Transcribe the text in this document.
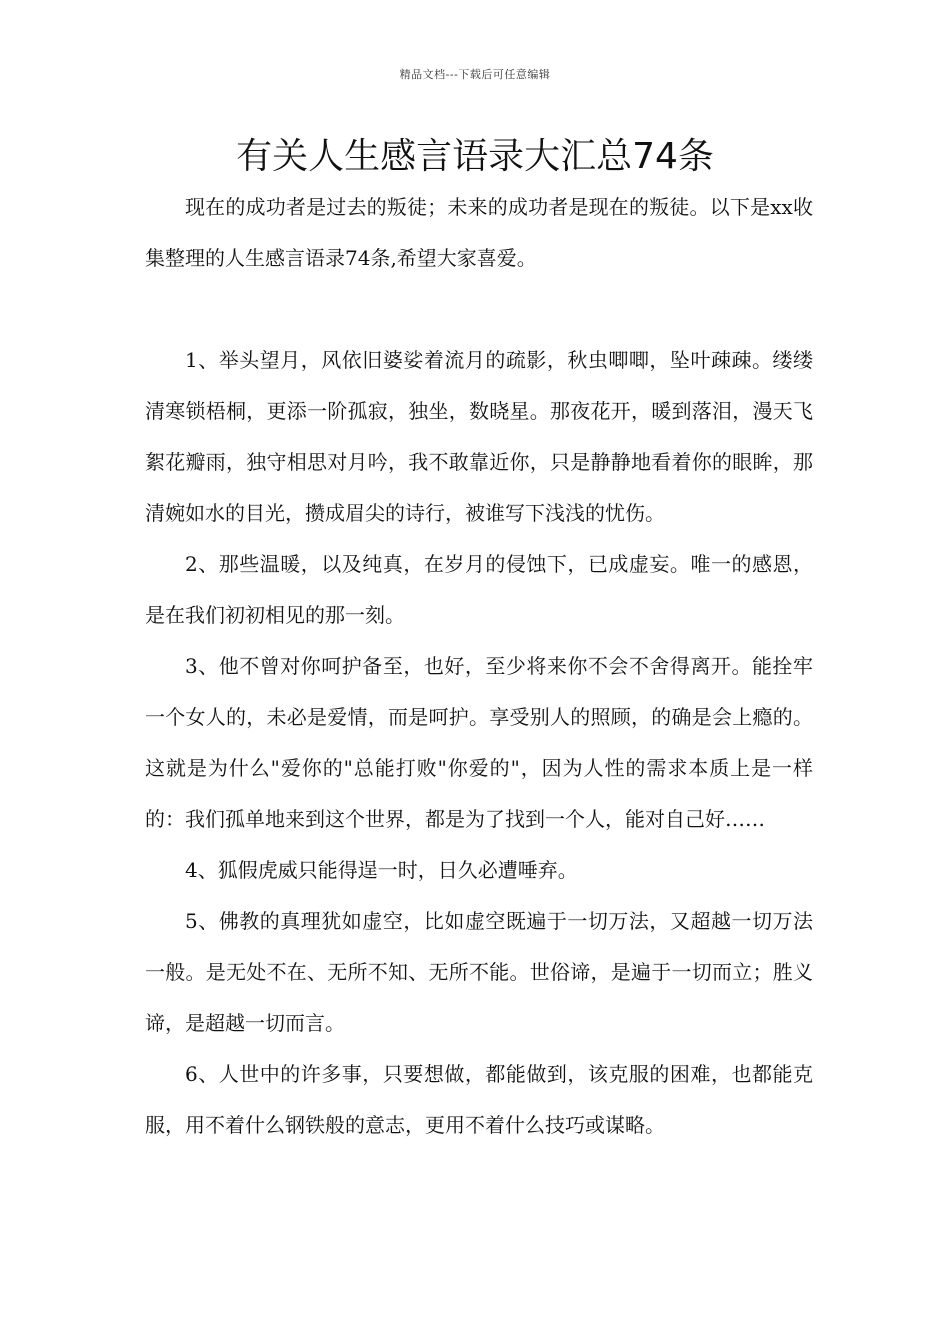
精品文档---下载后可任意编辑
有关人生感言语录大汇总74条

现在的成功者是过去的叛徒；未来的成功者是现在的叛徒。以下是xx收集整理的人生感言语录74条,希望大家喜爱。

1、举头望月，风依旧婆娑着流月的疏影，秋虫唧唧，坠叶疎疎。缕缕清寒锁梧桐，更添一阶孤寂，独坐，数晓星。那夜花开，暖到落泪，漫天飞絮花瓣雨，独守相思对月吟，我不敢靠近你，只是静静地看着你的眼眸，那清婉如水的目光，攒成眉尖的诗行，被谁写下浅浅的忧伤。

2、那些温暖，以及纯真，在岁月的侵蚀下，已成虚妄。唯一的感恩，是在我们初初相见的那一刻。

3、他不曾对你呵护备至，也好，至少将来你不会不舍得离开。能拴牢一个女人的，未必是爱情，而是呵护。享受别人的照顾，的确是会上瘾的。这就是为什么"爱你的"总能打败"你爱的"，因为人性的需求本质上是一样的：我们孤单地来到这个世界，都是为了找到一个人，能对自己好……

4、狐假虎威只能得逞一时，日久必遭唾弃。

5、佛教的真理犹如虚空，比如虚空既遍于一切万法，又超越一切万法一般。是无处不在、无所不知、无所不能。世俗谛，是遍于一切而立；胜义谛，是超越一切而言。

6、人世中的许多事，只要想做，都能做到，该克服的困难，也都能克服，用不着什么钢铁般的意志，更用不着什么技巧或谋略。
